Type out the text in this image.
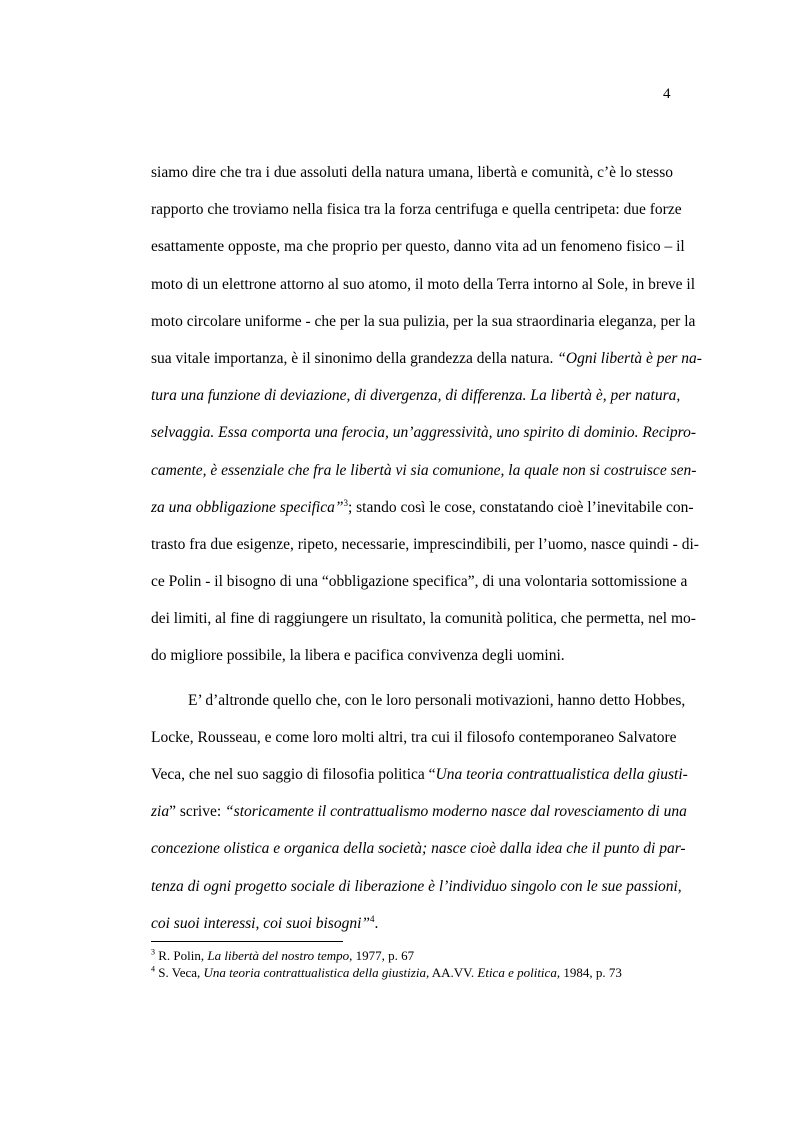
4
siamo dire che tra i due assoluti della natura umana, libertà e comunità, c’è lo stesso
rapporto che troviamo nella fisica tra la forza centrifuga e quella centripeta: due forze
esattamente opposte, ma che proprio per questo, danno vita ad un fenomeno fisico – il
moto di un elettrone attorno al suo atomo, il moto della Terra intorno al Sole, in breve il
moto circolare uniforme - che per la sua pulizia, per la sua straordinaria eleganza, per la
sua vitale importanza, è il sinonimo della grandezza della natura. “Ogni libertà è per na-
tura una funzione di deviazione, di divergenza, di differenza. La libertà è, per natura,
selvaggia. Essa comporta una ferocia, un’aggressività, uno spirito di dominio. Recipro-
camente, è essenziale che fra le libertà vi sia comunione, la quale non si costruisce sen-
za una obbligazione specifica”$^3$; stando così le cose, constatando cioè l’inevitabile con-
trasto fra due esigenze, ripeto, necessarie, imprescindibili, per l’uomo, nasce quindi - di-
ce Polin - il bisogno di una “obbligazione specifica”, di una volontaria sottomissione a
dei limiti, al fine di raggiungere un risultato, la comunità politica, che permetta, nel mo-
do migliore possibile, la libera e pacifica convivenza degli uomini.
E’ d’altronde quello che, con le loro personali motivazioni, hanno detto Hobbes,
Locke, Rousseau, e come loro molti altri, tra cui il filosofo contemporaneo Salvatore
Veca, che nel suo saggio di filosofia politica “Una teoria contrattualistica della giusti-
zia” scrive: “storicamente il contrattualismo moderno nasce dal rovesciamento di una
concezione olistica e organica della società; nasce cioè dalla idea che il punto di par-
tenza di ogni progetto sociale di liberazione è l’individuo singolo con le sue passioni,
coi suoi interessi, coi suoi bisogni”$^4$.
$^3$ R. Polin, La libertà del nostro tempo, 1977, p. 67
$^4$ S. Veca, Una teoria contrattualistica della giustizia, AA.VV. Etica e politica, 1984, p. 73
